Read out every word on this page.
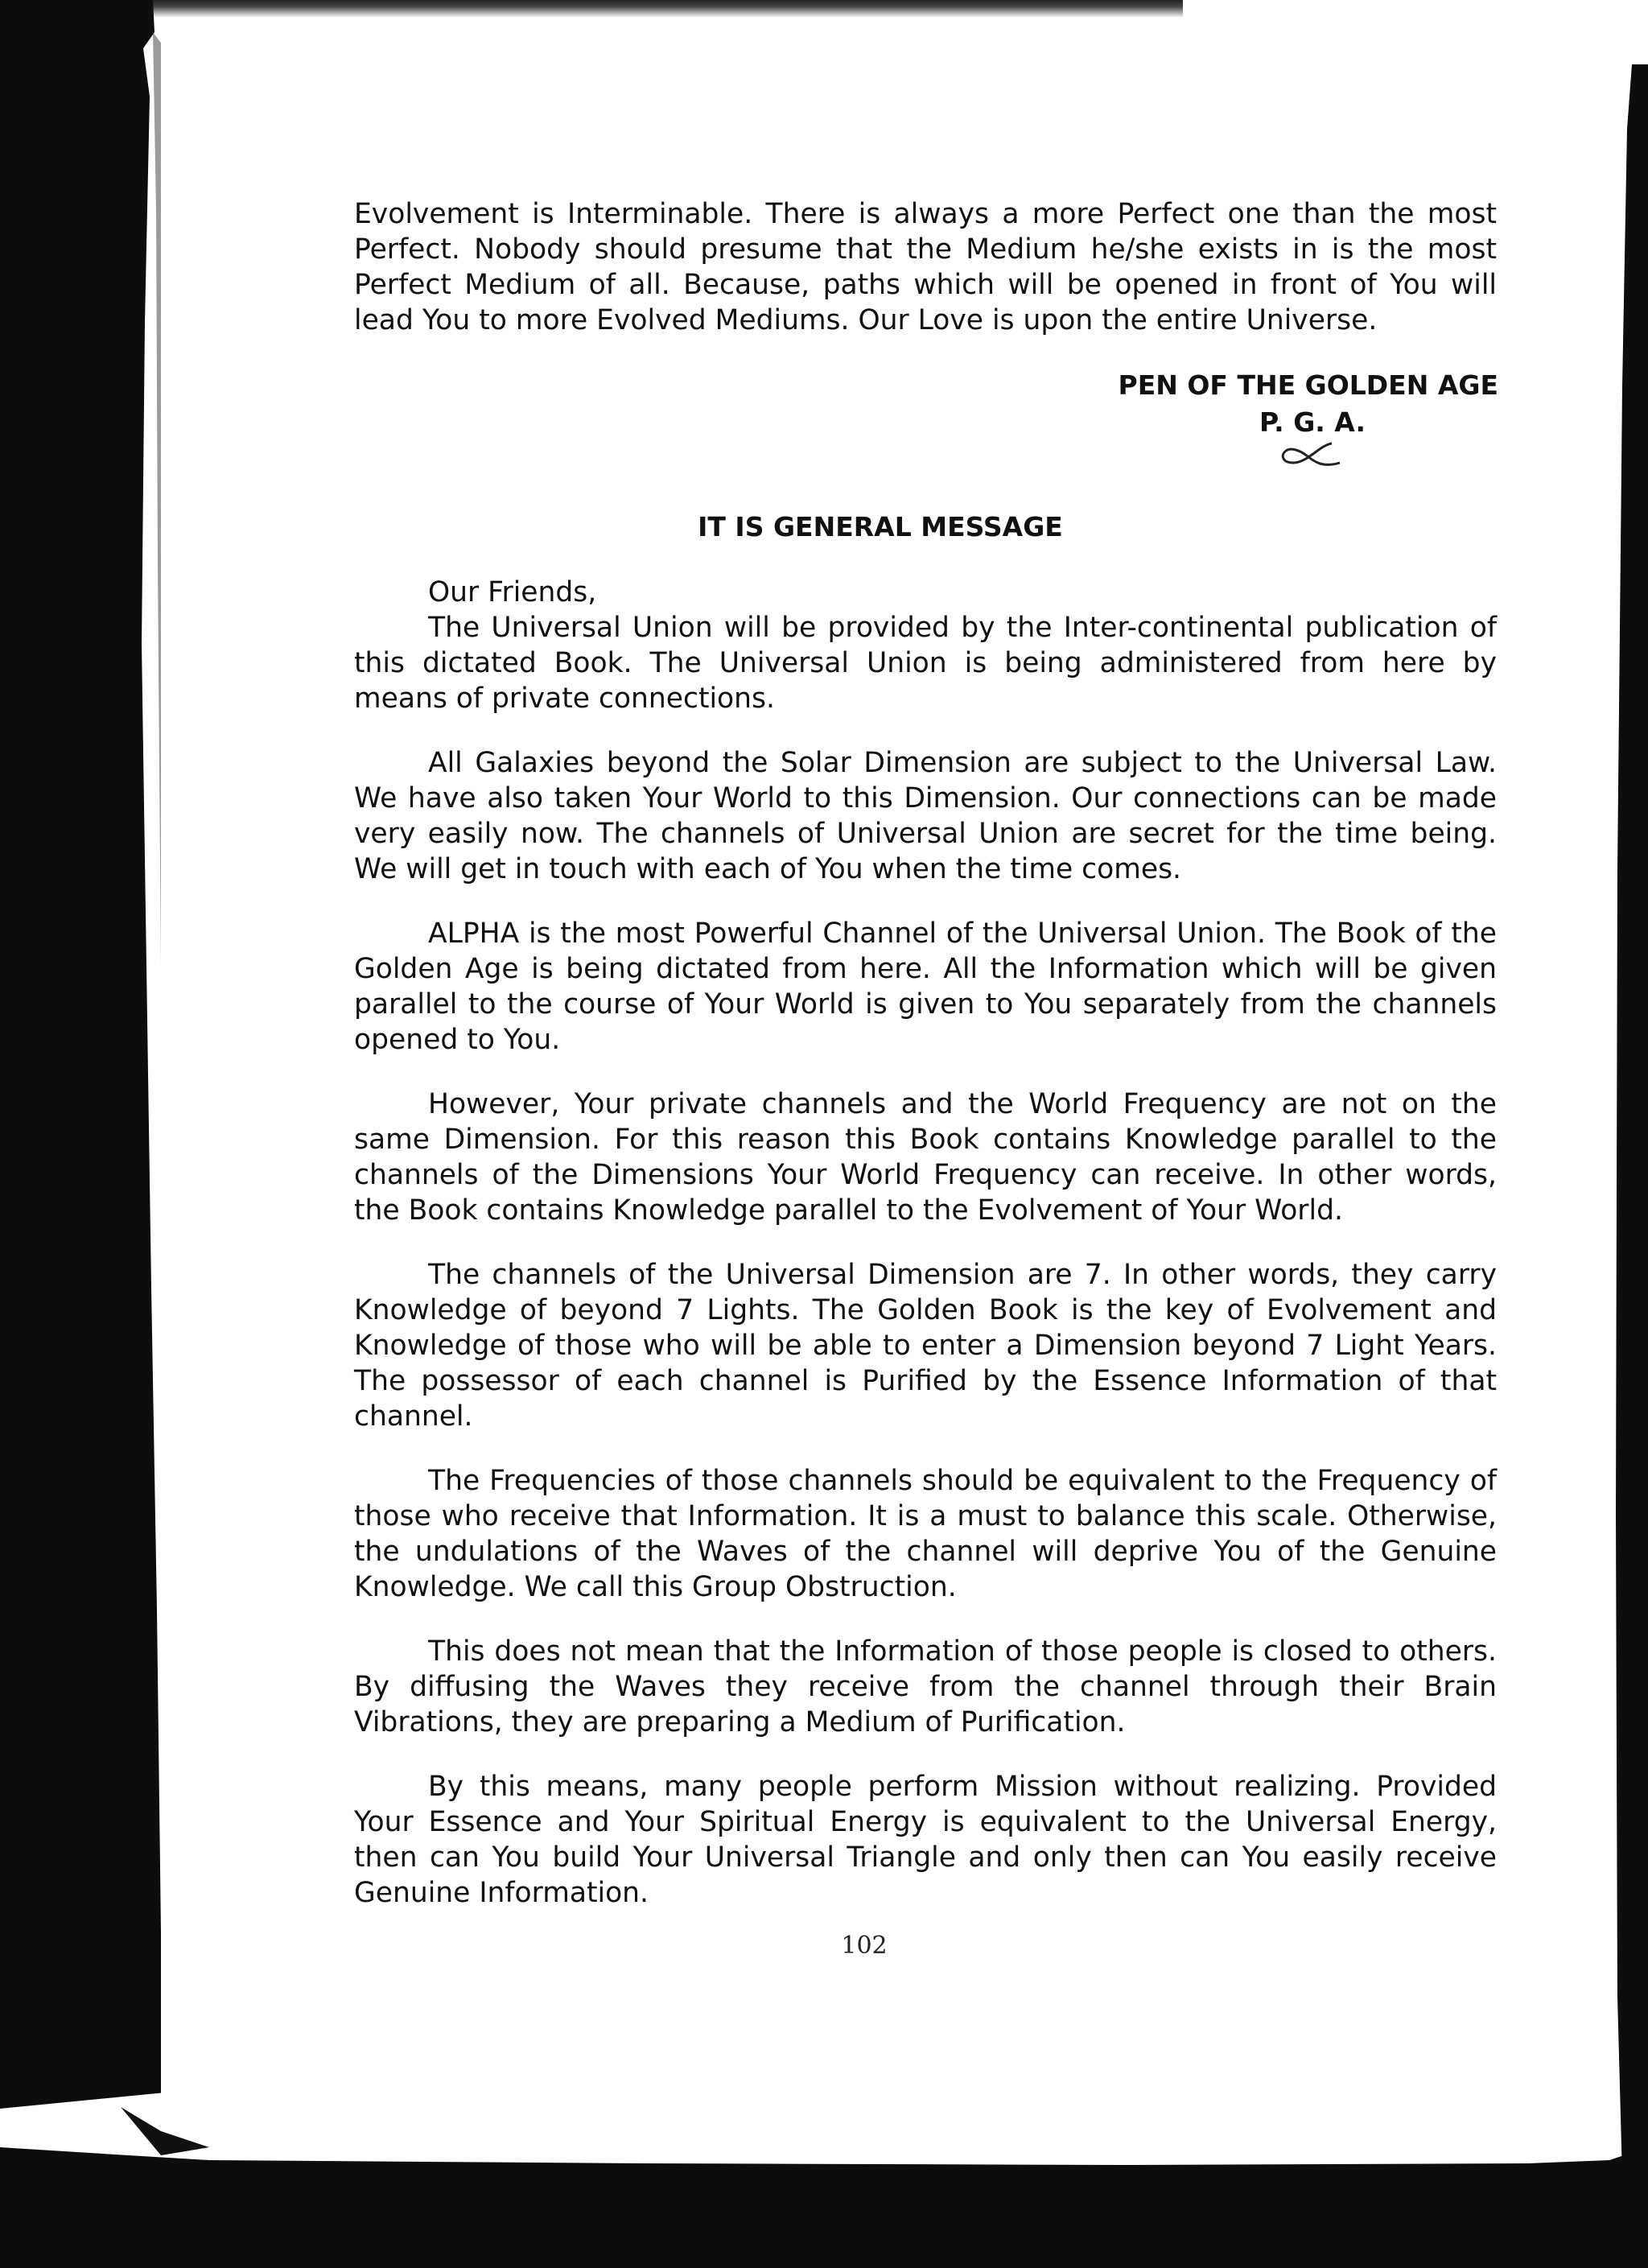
Evolvement is Interminable. There is always a more Perfect one than the most Perfect. Nobody should presume that the Medium he/she exists in is the most Perfect Medium of all. Because, paths which will be opened in front of You will lead You to more Evolved Mediums. Our Love is upon the entire Universe.

PEN OF THE GOLDEN AGE
P. G. A.
IT IS GENERAL MESSAGE

Our Friends,

The Universal Union will be provided by the Inter-continental publication of this dictated Book. The Universal Union is being administered from here by means of private connections.

All Galaxies beyond the Solar Dimension are subject to the Universal Law. We have also taken Your World to this Dimension. Our connections can be made very easily now. The channels of Universal Union are secret for the time being. We will get in touch with each of You when the time comes.

ALPHA is the most Powerful Channel of the Universal Union. The Book of the Golden Age is being dictated from here. All the Information which will be given parallel to the course of Your World is given to You separately from the channels opened to You.

However, Your private channels and the World Frequency are not on the same Dimension. For this reason this Book contains Knowledge parallel to the channels of the Dimensions Your World Frequency can receive. In other words, the Book contains Knowledge parallel to the Evolvement of Your World.

The channels of the Universal Dimension are 7. In other words, they carry Knowledge of beyond 7 Lights. The Golden Book is the key of Evolvement and Knowledge of those who will be able to enter a Dimension beyond 7 Light Years. The possessor of each channel is Purified by the Essence Information of that channel.

The Frequencies of those channels should be equivalent to the Frequency of those who receive that Information. It is a must to balance this scale. Otherwise, the undulations of the Waves of the channel will deprive You of the Genuine Knowledge. We call this Group Obstruction.

This does not mean that the Information of those people is closed to others. By diffusing the Waves they receive from the channel through their Brain Vibrations, they are preparing a Medium of Purification.

By this means, many people perform Mission without realizing. Provided Your Essence and Your Spiritual Energy is equivalent to the Universal Energy, then can You build Your Universal Triangle and only then can You easily receive Genuine Information.

102
